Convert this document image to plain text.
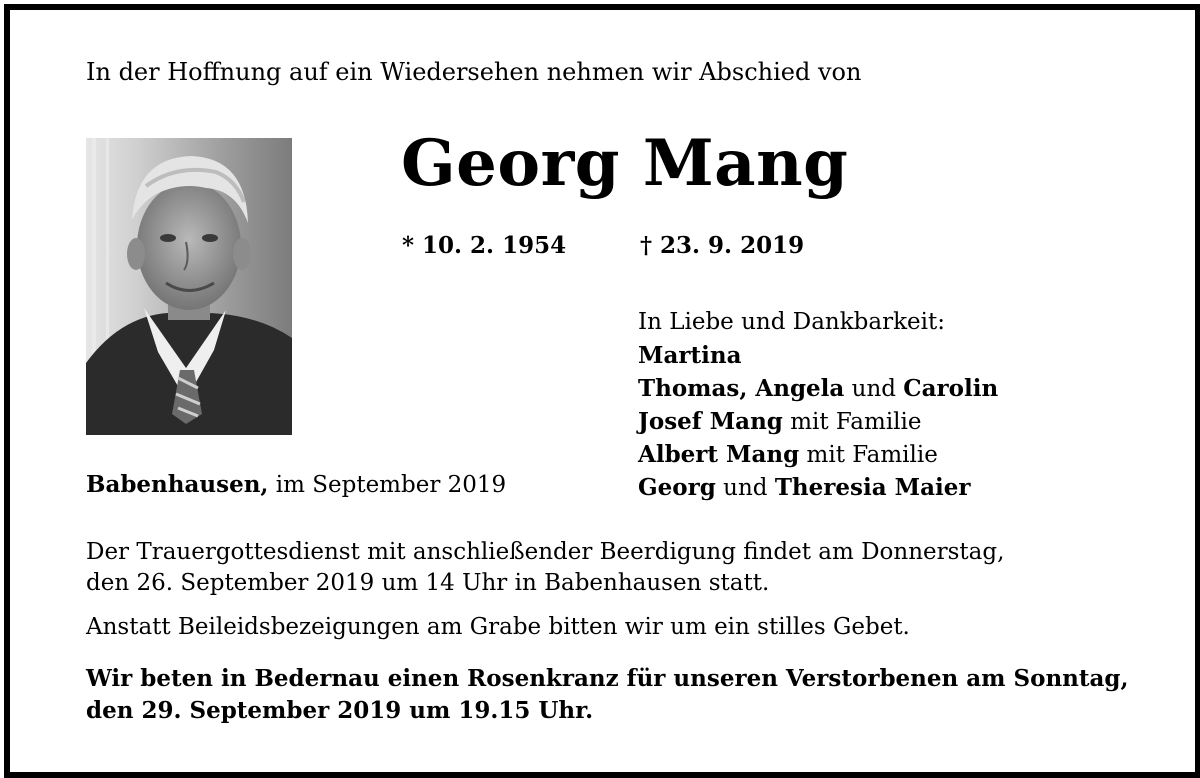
In der Hoffnung auf ein Wiedersehen nehmen wir Abschied von
Georg Mang
* 10. 2. 1954	† 23. 9. 2019
In Liebe und Dankbarkeit:
Martina
Thomas, Angela und Carolin
Josef Mang mit Familie
Albert Mang mit Familie
Georg und Theresia Maier
Babenhausen, im September 2019
Der Trauergottesdienst mit anschließender Beerdigung findet am Donnerstag,
den 26. September 2019 um 14 Uhr in Babenhausen statt.
Anstatt Beileidsbezeigungen am Grabe bitten wir um ein stilles Gebet.
Wir beten in Bedernau einen Rosenkranz für unseren Verstorbenen am Sonntag,
den 29. September 2019 um 19.15 Uhr.
